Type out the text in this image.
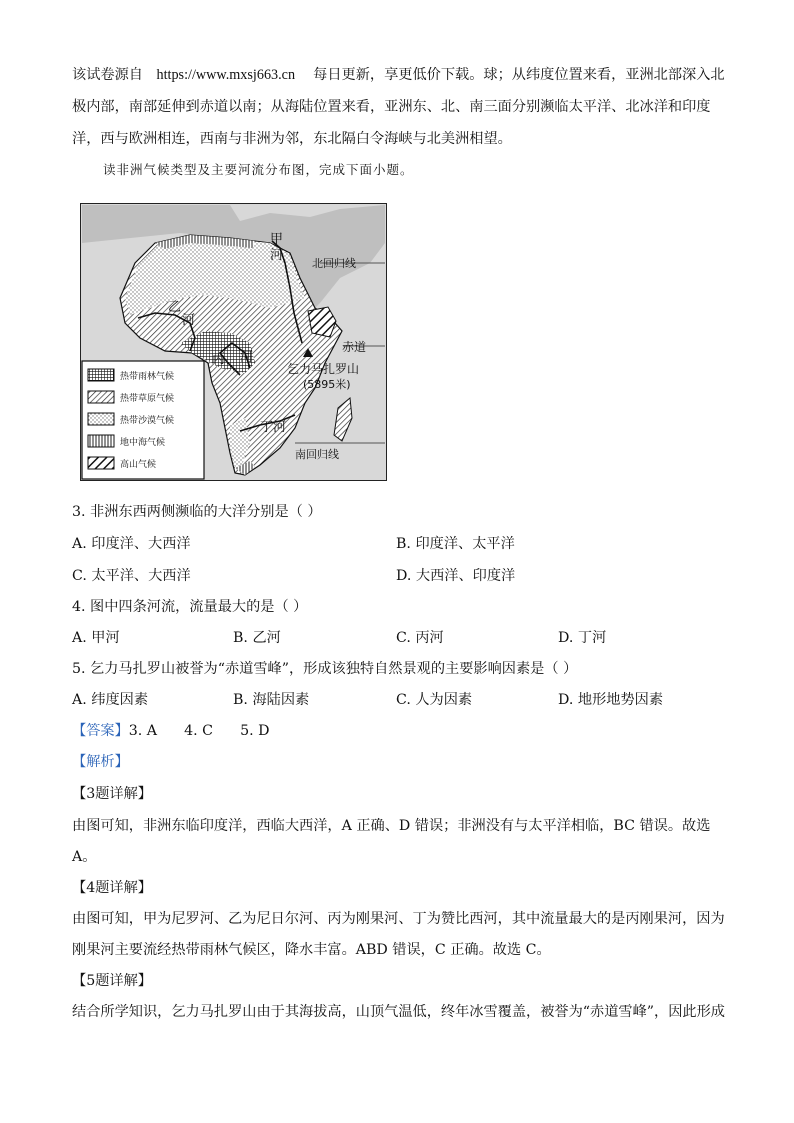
该试卷源自 https://www.mxsj663.cn 每日更新，享更低价下载。球；从纬度位置来看，亚洲北部深入北
极内部，南部延伸到赤道以南；从海陆位置来看，亚洲东、北、南三面分别濒临太平洋、北冰洋和印度
洋，西与欧洲相连，西南与非洲为邻，东北隔白令海峡与北美洲相望。
读非洲气候类型及主要河流分布图，完成下面小题。
甲
河
北回归线
乙
河
赤道
丙 河
乞力马扎罗山
(5895米)
丁河
南回归线
热带雨林气候
热带草原气候
热带沙漠气候
地中海气候
高山气候
3. 非洲东西两侧濒临的大洋分别是（ ）
A. 印度洋、大西洋	B. 印度洋、太平洋
C. 太平洋、大西洋	D. 大西洋、印度洋
4. 图中四条河流，流量最大的是（ ）
A. 甲河	B. 乙河	C. 丙河	D. 丁河
5. 乞力马扎罗山被誉为“赤道雪峰”，形成该独特自然景观的主要影响因素是（ ）
A. 纬度因素	B. 海陆因素	C. 人为因素	D. 地形地势因素
【答案】3. A      4. C      5. D
【解析】
【3题详解】
由图可知，非洲东临印度洋，西临大西洋，A 正确、D 错误；非洲没有与太平洋相临，BC 错误。故选
A。
【4题详解】
由图可知，甲为尼罗河、乙为尼日尔河、丙为刚果河、丁为赞比西河，其中流量最大的是丙刚果河，因为
刚果河主要流经热带雨林气候区，降水丰富。ABD 错误，C 正确。故选 C。
【5题详解】
结合所学知识，乞力马扎罗山由于其海拔高，山顶气温低，终年冰雪覆盖，被誉为“赤道雪峰”，因此形成
